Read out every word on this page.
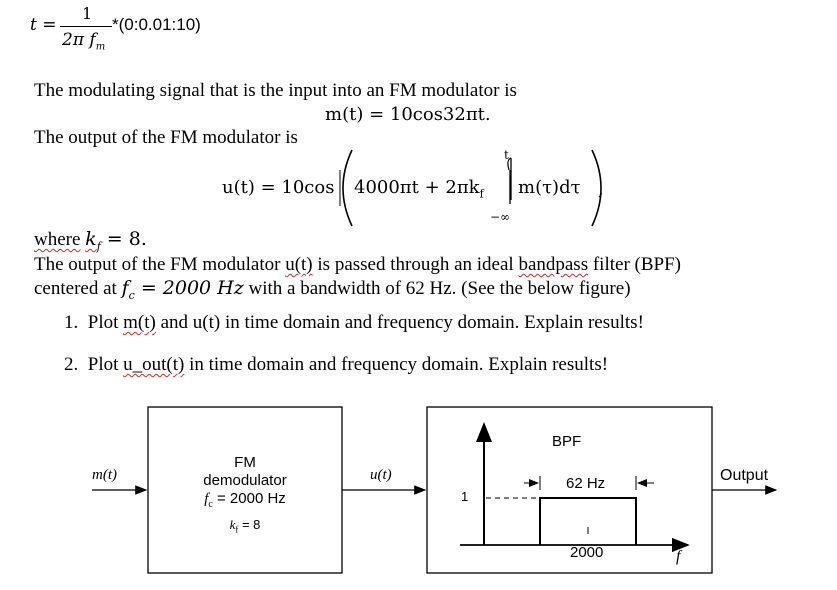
t =
1
2π $f_m$
*(0:0.01:10)
The modulating signal that is the input into an FM modulator is
m(t) = 10cos32πt.
The output of the FM modulator is
u(t) = 10cos $4000\pi t + 2\pi k_f$
t
−∞
m(τ)dτ ,
where $k_f = 8$.
The output of the FM modulator u(t) is passed through an ideal bandpass filter (BPF)
centered at $f_c = 2000$ Hz with a bandwidth of 62 Hz. (See the below figure)
1. Plot m(t) and u(t) in time domain and frequency domain. Explain results!
2. Plot u_out(t) in time domain and frequency domain. Explain results!
m(t)
FM
demodulator
$f_c = 2000$ Hz
$k_f = 8$
u(t)
BPF
62 Hz
1
2000	f
Output
